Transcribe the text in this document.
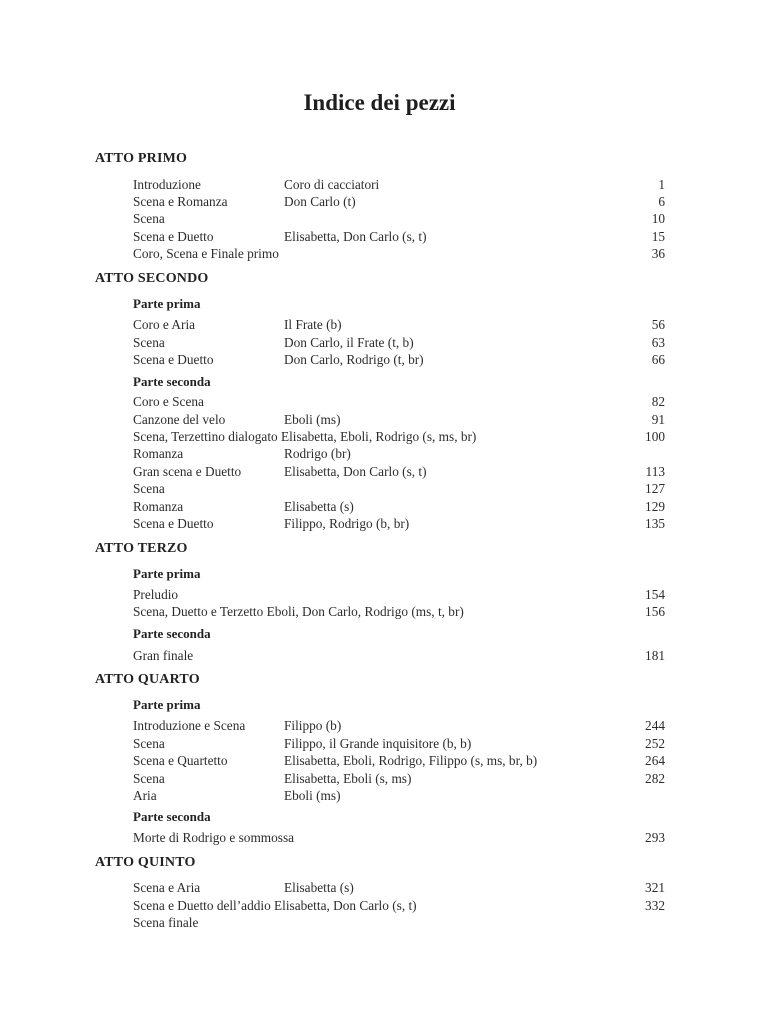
Indice dei pezzi
ATTO PRIMO
Introduzione	Coro di cacciatori	1
Scena e Romanza	Don Carlo (t)	6
Scena	10
Scena e Duetto	Elisabetta, Don Carlo (s, t)	15
Coro, Scena e Finale primo	36
ATTO SECONDO
Parte prima
Coro e Aria	Il Frate (b)	56
Scena	Don Carlo, il Frate (t, b)	63
Scena e Duetto	Don Carlo, Rodrigo (t, br)	66
Parte seconda
Coro e Scena	82
Canzone del velo	Eboli (ms)	91
Scena, Terzettino dialogato Elisabetta, Eboli, Rodrigo (s, ms, br)	100
Romanza	Rodrigo (br)
Gran scena e Duetto	Elisabetta, Don Carlo (s, t)	113
Scena	127
Romanza	Elisabetta (s)	129
Scena e Duetto	Filippo, Rodrigo (b, br)	135
ATTO TERZO
Parte prima
Preludio	154
Scena, Duetto e Terzetto Eboli, Don Carlo, Rodrigo (ms, t, br)	156
Parte seconda
Gran finale	181
ATTO QUARTO
Parte prima
Introduzione e Scena	Filippo (b)	244
Scena	Filippo, il Grande inquisitore (b, b)	252
Scena e Quartetto	Elisabetta, Eboli, Rodrigo, Filippo (s, ms, br, b)	264
Scena	Elisabetta, Eboli (s, ms)	282
Aria	Eboli (ms)
Parte seconda
Morte di Rodrigo e sommossa	293
ATTO QUINTO
Scena e Aria	Elisabetta (s)	321
Scena e Duetto dell’addio Elisabetta, Don Carlo (s, t)	332
Scena finale
